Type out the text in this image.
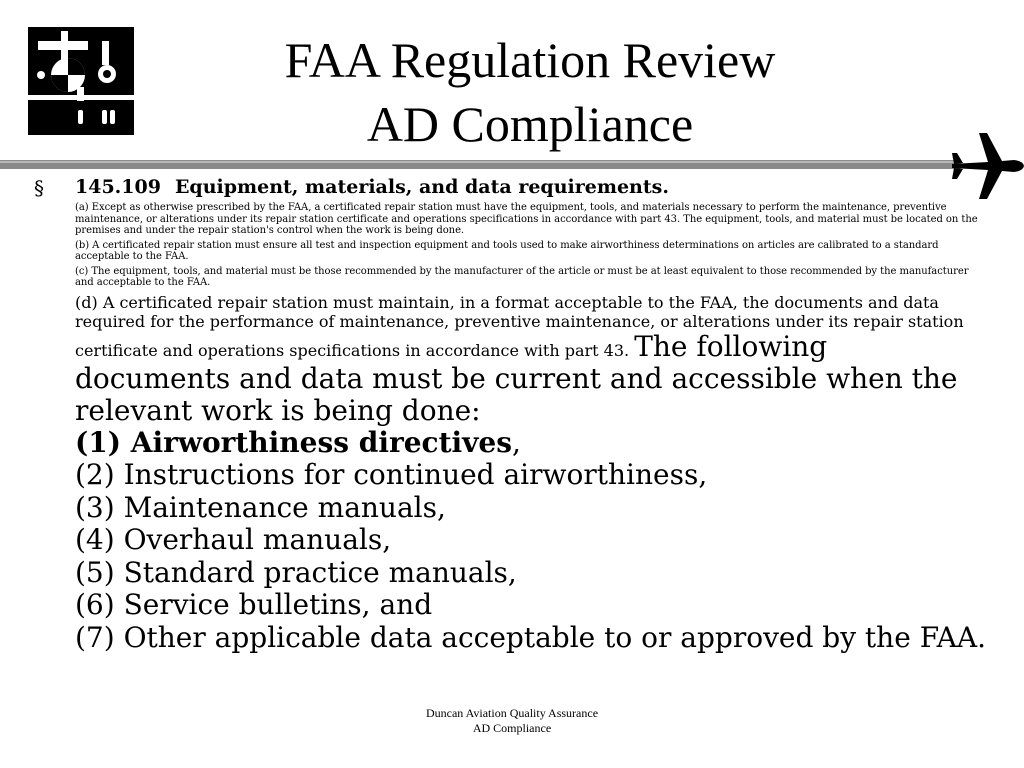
FAA Regulation Review
AD Compliance
§ 145.109 Equipment, materials, and data requirements.
(a) Except as otherwise prescribed by the FAA, a certificated repair station must have the equipment, tools, and materials necessary to perform the maintenance, preventive maintenance, or alterations under its repair station certificate and operations specifications in accordance with part 43. The equipment, tools, and material must be located on the premises and under the repair station's control when the work is being done.
(b) A certificated repair station must ensure all test and inspection equipment and tools used to make airworthiness determinations on articles are calibrated to a standard acceptable to the FAA.
(c) The equipment, tools, and material must be those recommended by the manufacturer of the article or must be at least equivalent to those recommended by the manufacturer and acceptable to the FAA.
(d) A certificated repair station must maintain, in a format acceptable to the FAA, the documents and data required for the performance of maintenance, preventive maintenance, or alterations under its repair station certificate and operations specifications in accordance with part 43. The following documents and data must be current and accessible when the relevant work is being done:
(1) Airworthiness directives,
(2) Instructions for continued airworthiness,
(3) Maintenance manuals,
(4) Overhaul manuals,
(5) Standard practice manuals,
(6) Service bulletins, and
(7) Other applicable data acceptable to or approved by the FAA.
Duncan Aviation Quality Assurance
AD Compliance
